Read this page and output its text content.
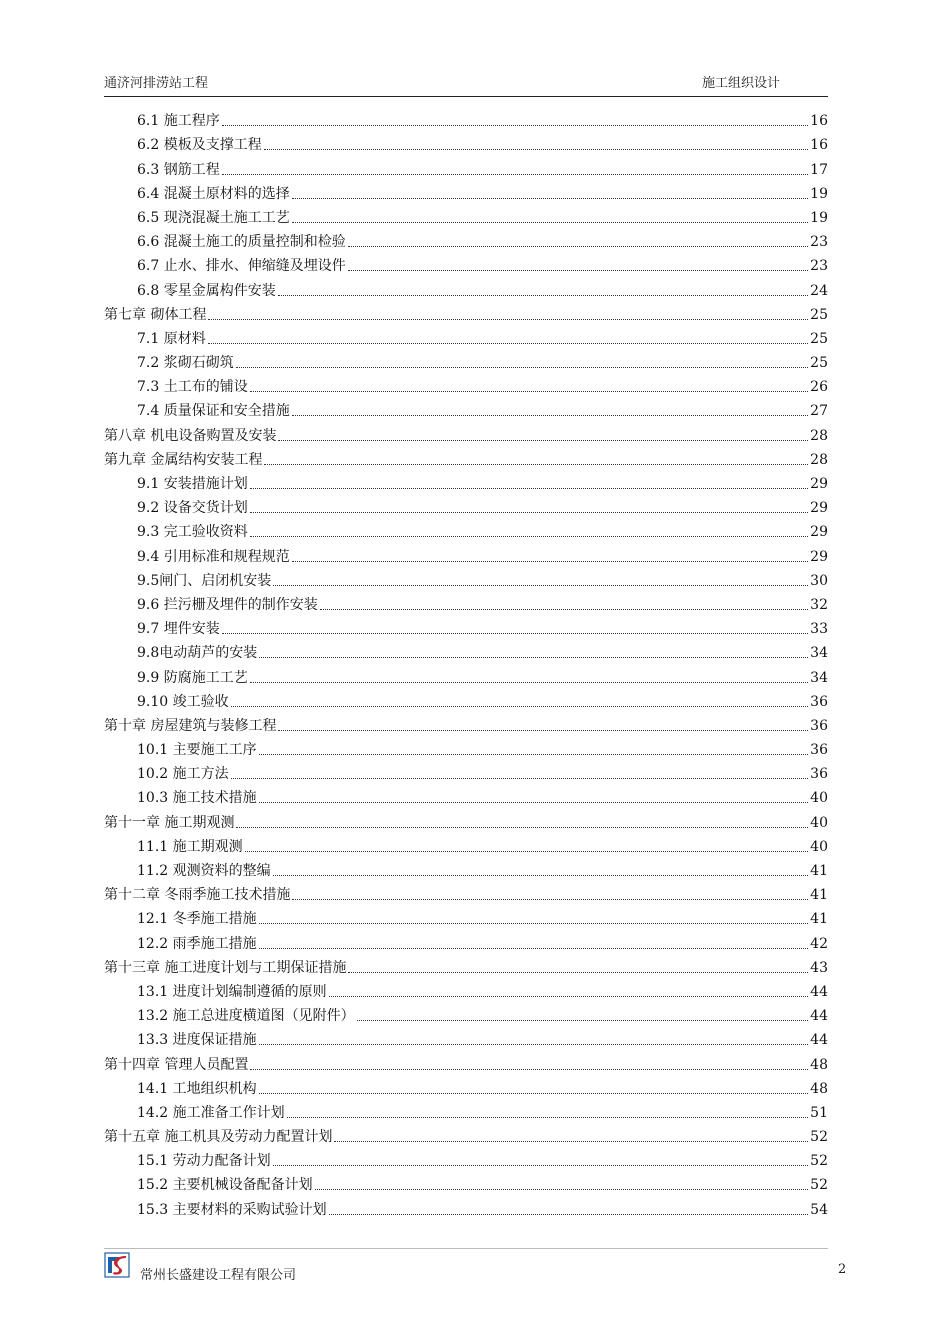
通济河排涝站工程	施工组织设计
6.1 施工程序	16
6.2 模板及支撑工程	16
6.3 钢筋工程	17
6.4 混凝土原材料的选择	19
6.5 现浇混凝土施工工艺	19
6.6 混凝土施工的质量控制和检验	23
6.7 止水、排水、伸缩缝及埋设件	23
6.8 零星金属构件安装	24
第七章 砌体工程	25
7.1 原材料	25
7.2 浆砌石砌筑	25
7.3 土工布的铺设	26
7.4 质量保证和安全措施	27
第八章 机电设备购置及安装	28
第九章 金属结构安装工程	28
9.1 安装措施计划	29
9.2 设备交货计划	29
9.3 完工验收资料	29
9.4 引用标准和规程规范	29
9.5闸门、启闭机安装	30
9.6 拦污栅及埋件的制作安装	32
9.7 埋件安装	33
9.8电动葫芦的安装	34
9.9 防腐施工工艺	34
9.10 竣工验收	36
第十章 房屋建筑与装修工程	36
10.1 主要施工工序	36
10.2 施工方法	36
10.3 施工技术措施	40
第十一章 施工期观测	40
11.1 施工期观测	40
11.2 观测资料的整编	41
第十二章 冬雨季施工技术措施	41
12.1 冬季施工措施	41
12.2 雨季施工措施	42
第十三章 施工进度计划与工期保证措施	43
13.1 进度计划编制遵循的原则	44
13.2 施工总进度横道图（见附件）	44
13.3 进度保证措施	44
第十四章 管理人员配置	48
14.1 工地组织机构	48
14.2 施工准备工作计划	51
第十五章 施工机具及劳动力配置计划	52
15.1 劳动力配备计划	52
15.2 主要机械设备配备计划	52
15.3 主要材料的采购试验计划	54
常州长盛建设工程有限公司	2
